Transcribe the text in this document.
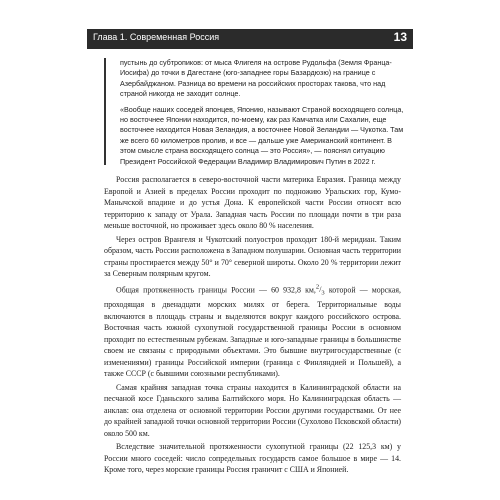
Глава 1. Современная Россия	13

пустынь до субтропиков: от мыса Флигеля на острове Рудольфа (Земля Франца-Иосифа) до точки в Дагестане (юго-западнее горы Базардюзю) на границе с Азербайджаном. Разница во времени на российских просторах такова, что над страной никогда не заходит солнце.

«Вообще наших соседей японцев, Японию, называют Страной восходящего солнца, но восточнее Японии находится, по-моему, как раз Камчатка или Сахалин, еще восточнее находится Новая Зеландия, а восточнее Новой Зеландии — Чукотка. Там же всего 60 километров пролив, и все — дальше уже Американский континент. В этом смысле страна восходящего солнца — это Россия», — пояснял ситуацию Президент Российской Федерации Владимир Владимирович Путин в 2022 г.

Россия располагается в северо-восточной части материка Евразия. Граница между Европой и Азией в пределах России проходит по подножию Уральских гор, Кумо-Манычской впадине и до устья Дона. К европейской части России относят всю территорию к западу от Урала. Западная часть России по площади почти в три раза меньше восточной, но проживает здесь около 80 % населения.

Через остров Врангеля и Чукотский полуостров проходит 180-й меридиан. Таким образом, часть России расположена в Западном полушарии. Основная часть территории страны простирается между 50° и 70° северной широты. Около 20 % территории лежит за Северным полярным кругом.

Общая протяженность границы России — 60 932,8 $км,^2/_3$ которой — морская, проходящая в двенадцати морских милях от берега. Территориальные воды включаются в площадь страны и выделяются вокруг каждого российского острова. Восточная часть южной сухопутной государственной границы России в основном проходит по естественным рубежам. Западные и юго-западные границы в большинстве своем не связаны с природными объектами. Это бывшие внутригосударственные (с изменениями) границы Российской империи (граница с Финляндией и Польшей), а также СССР (с бывшими союзными республиками).

Самая крайняя западная точка страны находится в Калининградской области на песчаной косе Гданьского залива Балтийского моря. Но Калининградская область — анклав: она отделена от основной территории России другими государствами. От нее до крайней западной точки основной территории России (Сухолово Псковской области) около 500 км.

Вследствие значительной протяженности сухопутной границы (22 125,3 км) у России много соседей: число сопредельных государств самое большое в мире — 14. Кроме того, через морские границы Россия граничит с США и Японией.
